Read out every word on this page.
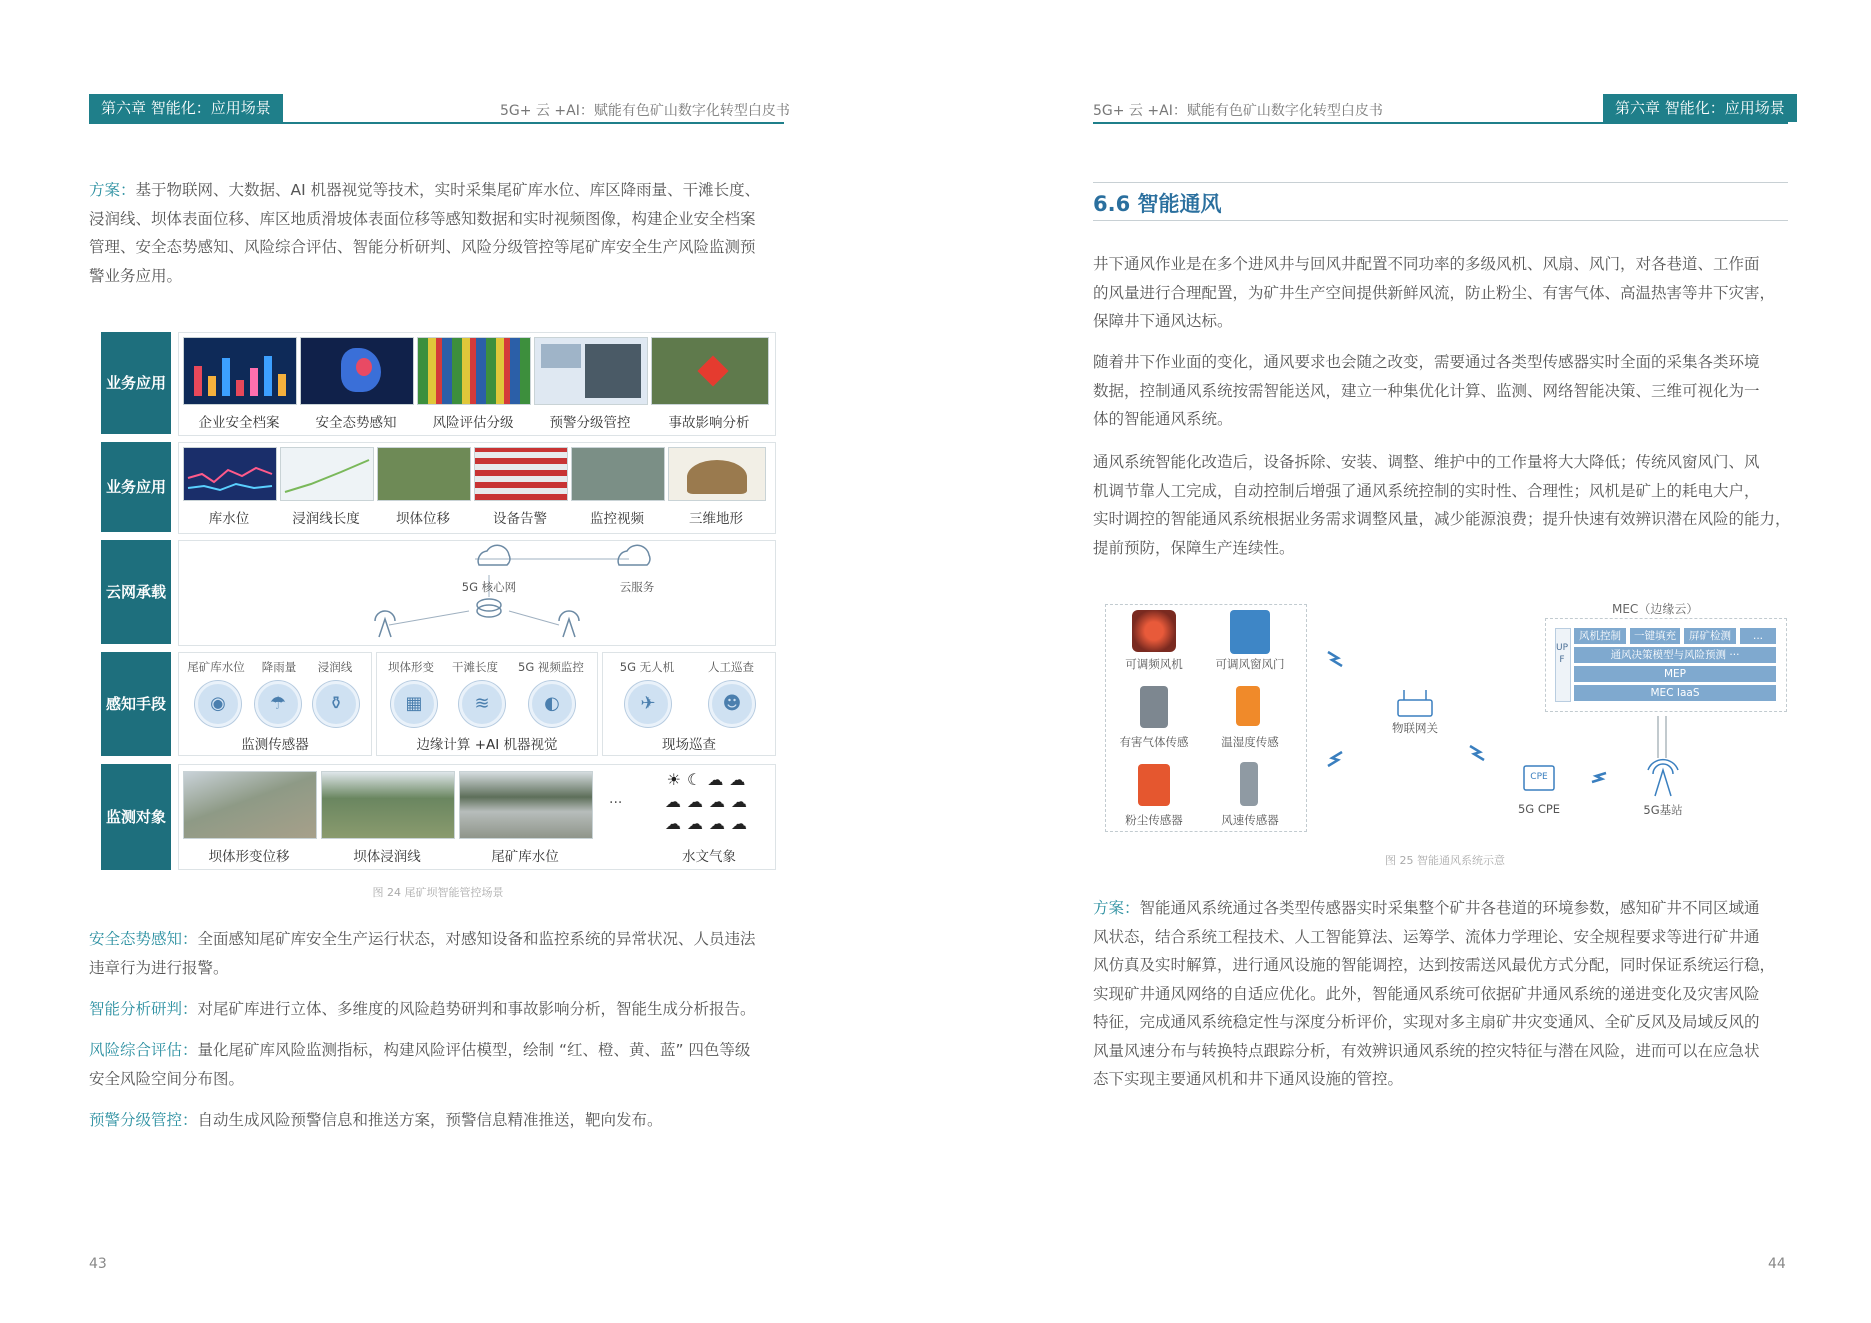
第六章 智能化：应用场景	5G+ 云 +AI：赋能有色矿山数字化转型白皮书
方案：基于物联网、大数据、AI 机器视觉等技术，实时采集尾矿库水位、库区降雨量、干滩长度、
浸润线、坝体表面位移、库区地质滑坡体表面位移等感知数据和实时视频图像，构建企业安全档案
管理、安全态势感知、风险综合评估、智能分析研判、风险分级管控等尾矿库安全生产风险监测预
警业务应用。
业务应用
业务应用
云网承载
感知手段
监测对象
企业安全档案	安全态势感知	风险评估分级	预警分级管控	事故影响分析
库水位	浸润线长度	坝体位移	设备告警	监控视频	三维地形
5G 核心网	云服务
尾矿库水位	降雨量	浸润线
◉	☂	⚱
监测传感器
坝体形变	干滩长度	5G 视频监控
▦	≋	◐
边缘计算 +AI 机器视觉
5G 无人机	人工巡查
✈	☻
现场巡查
...
☀☾☁☁
☁☁☁☁
☁☁☁☁
坝体形变位移	坝体浸润线	尾矿库水位	水文气象
图 24 尾矿坝智能管控场景
安全态势感知：全面感知尾矿库安全生产运行状态，对感知设备和监控系统的异常状况、人员违法
违章行为进行报警。
智能分析研判：对尾矿库进行立体、多维度的风险趋势研判和事故影响分析，智能生成分析报告。
风险综合评估：量化尾矿库风险监测指标，构建风险评估模型，绘制 “红、橙、黄、蓝” 四色等级
安全风险空间分布图。
预警分级管控：自动生成风险预警信息和推送方案，预警信息精准推送，靶向发布。
43
5G+ 云 +AI：赋能有色矿山数字化转型白皮书	第六章 智能化：应用场景
6.6 智能通风
井下通风作业是在多个进风井与回风井配置不同功率的多级风机、风扇、风门，对各巷道、工作面
的风量进行合理配置，为矿井生产空间提供新鲜风流，防止粉尘、有害气体、高温热害等井下灾害，
保障井下通风达标。
随着井下作业面的变化，通风要求也会随之改变，需要通过各类型传感器实时全面的采集各类环境
数据，控制通风系统按需智能送风，建立一种集优化计算、监测、网络智能决策、三维可视化为一
体的智能通风系统。
通风系统智能化改造后，设备拆除、安装、调整、维护中的工作量将大大降低；传统风窗风门、风
机调节靠人工完成，自动控制后增强了通风系统控制的实时性、合理性；风机是矿上的耗电大户，
实时调控的智能通风系统根据业务需求调整风量，减少能源浪费；提升快速有效辨识潜在风险的能力，
提前预防，保障生产连续性。
可调频风机	可调风窗风门
有害气体传感	温湿度传感
粉尘传感器	风速传感器
物联网关
CPE
5G CPE	5G基站
MEC（边缘云）
UPF
风机控制	一键填充	屏矿检测	...
通风决策模型与风险预测 ···
MEP
MEC IaaS
图 25 智能通风系统示意
方案：智能通风系统通过各类型传感器实时采集整个矿井各巷道的环境参数，感知矿井不同区域通
风状态，结合系统工程技术、人工智能算法、运筹学、流体力学理论、安全规程要求等进行矿井通
风仿真及实时解算，进行通风设施的智能调控，达到按需送风最优方式分配，同时保证系统运行稳，
实现矿井通风网络的自适应优化。此外，智能通风系统可依据矿井通风系统的递进变化及灾害风险
特征，完成通风系统稳定性与深度分析评价，实现对多主扇矿井灾变通风、全矿反风及局域反风的
风量风速分布与转换特点跟踪分析，有效辨识通风系统的控灾特征与潜在风险，进而可以在应急状
态下实现主要通风机和井下通风设施的管控。
44
